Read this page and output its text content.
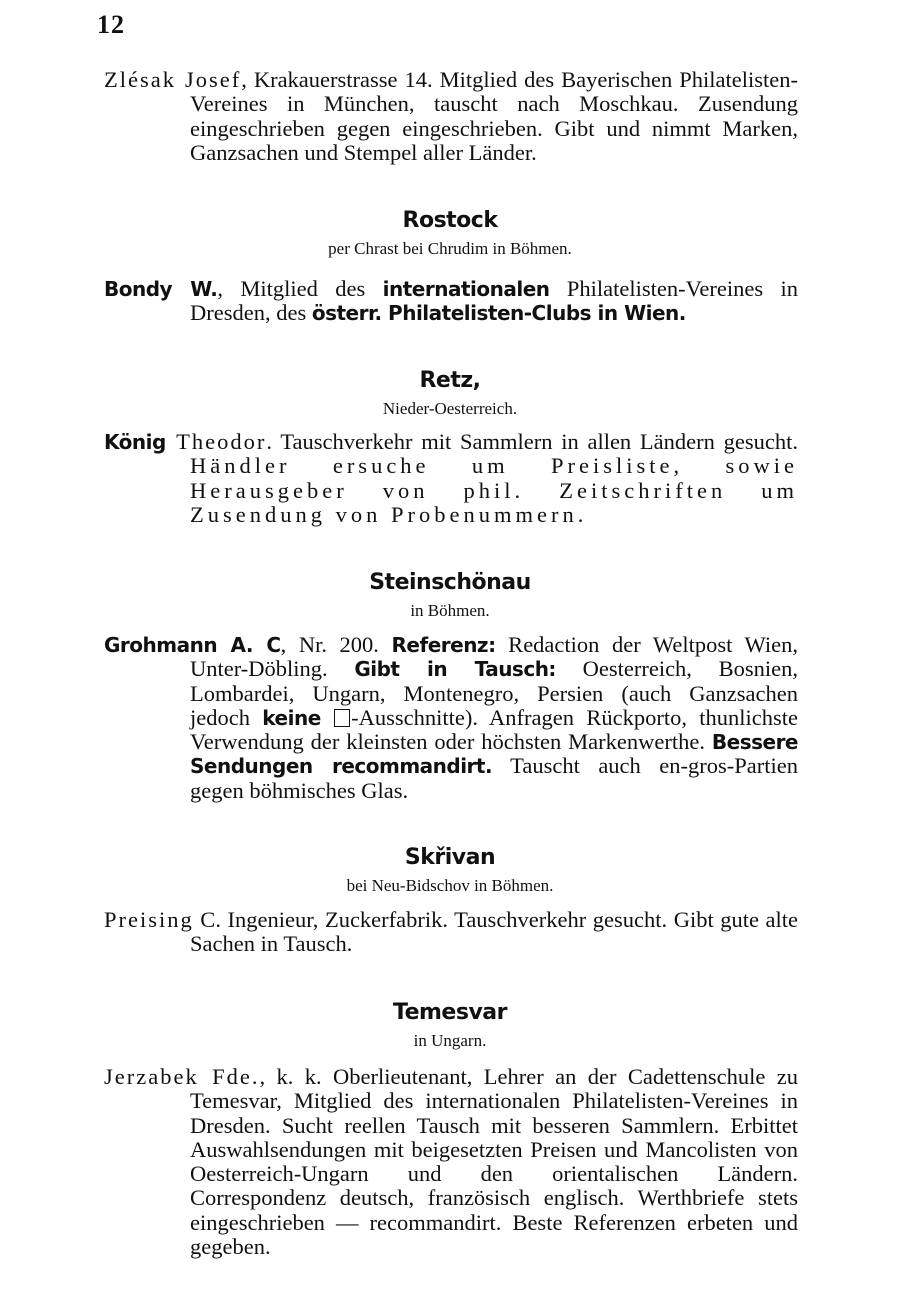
12

Zlésak Josef, Krakauerstrasse 14. Mitglied des Bayerischen Philatelisten-Vereines in München, tauscht nach Moschkau. Zusendung eingeschrieben gegen eingeschrieben. Gibt und nimmt Marken, Ganzsachen und Stempel aller Länder.

Rostock
per Chrast bei Chrudim in Böhmen.

Bondy W., Mitglied des internationalen Philatelisten-Vereines in Dresden, des österr. Philatelisten-Clubs in Wien.

Retz,
Nieder-Oesterreich.

König Theodor. Tauschverkehr mit Sammlern in allen Ländern gesucht. Händler ersuche um Preisliste, sowie Herausgeber von phil. Zeitschriften um Zusendung von Probenummern.

Steinschönau
in Böhmen.

Grohmann A. C, Nr. 200. Referenz: Redaction der Weltpost Wien, Unter-Döbling. Gibt in Tausch: Oesterreich, Bosnien, Lombardei, Ungarn, Montenegro, Persien (auch Ganzsachen jedoch keine -Ausschnitte). Anfragen Rückporto, thunlichste Verwendung der kleinsten oder höchsten Markenwerthe. Bessere Sendungen recommandirt. Tauscht auch en-gros-Partien gegen böhmisches Glas.

Skřivan
bei Neu-Bidschov in Böhmen.

Preising C. Ingenieur, Zuckerfabrik. Tauschverkehr gesucht. Gibt gute alte Sachen in Tausch.

Temesvar
in Ungarn.

Jerzabek Fde., k. k. Oberlieutenant, Lehrer an der Cadettenschule zu Temesvar, Mitglied des internationalen Philatelisten-Vereines in Dresden. Sucht reellen Tausch mit besseren Sammlern. Erbittet Auswahlsendungen mit beigesetzten Preisen und Mancolisten von Oesterreich-Ungarn und den orientalischen Ländern. Correspondenz deutsch, französisch englisch. Werthbriefe stets eingeschrieben — recommandirt. Beste Referenzen erbeten und gegeben.
